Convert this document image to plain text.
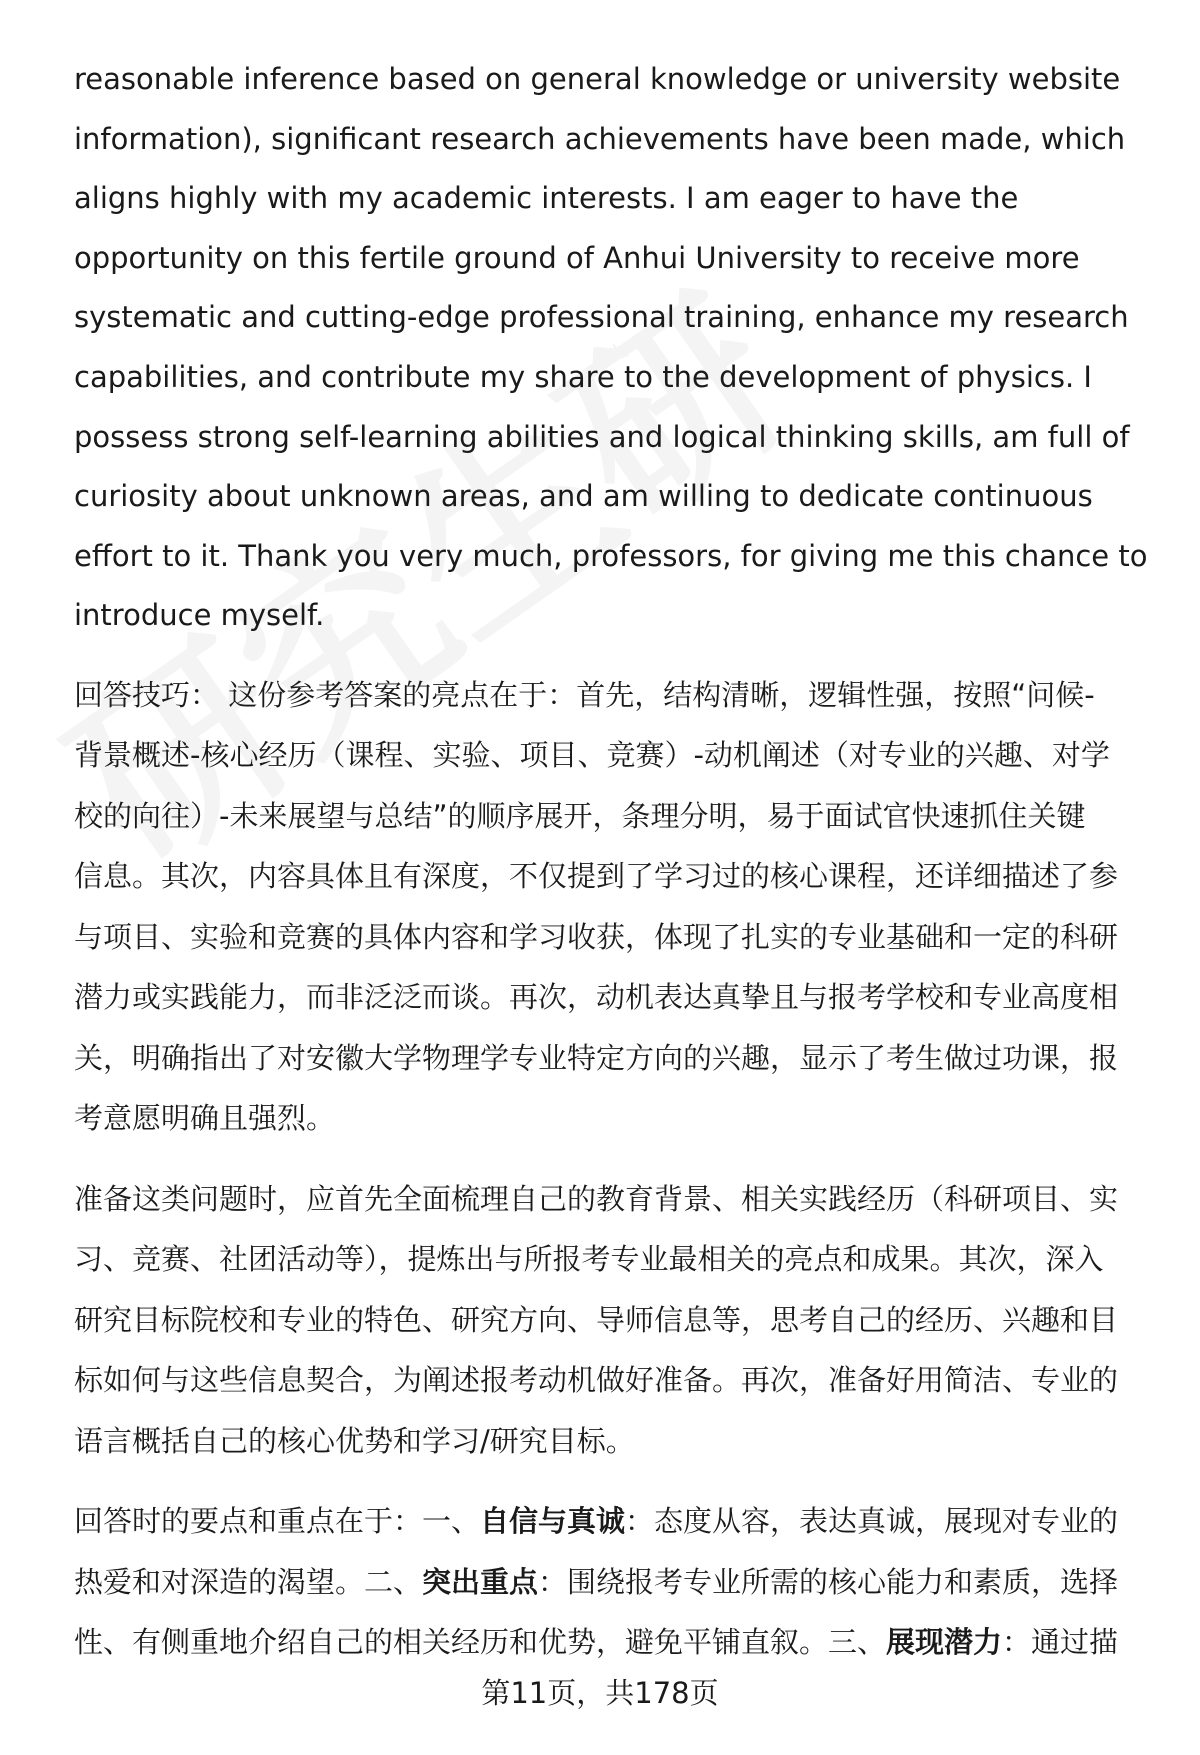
reasonable inference based on general knowledge or university website
information), significant research achievements have been made, which
aligns highly with my academic interests. I am eager to have the
opportunity on this fertile ground of Anhui University to receive more
systematic and cutting-edge professional training, enhance my research
capabilities, and contribute my share to the development of physics. I
possess strong self-learning abilities and logical thinking skills, am full of
curiosity about unknown areas, and am willing to dedicate continuous
effort to it. Thank you very much, professors, for giving me this chance to
introduce myself.

回答技巧： 这份参考答案的亮点在于：首先，结构清晰，逻辑性强，按照“问候-
背景概述-核心经历（课程、实验、项目、竞赛）-动机阐述（对专业的兴趣、对学
校的向往）-未来展望与总结”的顺序展开，条理分明，易于面试官快速抓住关键
信息。其次，内容具体且有深度，不仅提到了学习过的核心课程，还详细描述了参
与项目、实验和竞赛的具体内容和学习收获，体现了扎实的专业基础和一定的科研
潜力或实践能力，而非泛泛而谈。再次，动机表达真挚且与报考学校和专业高度相
关，明确指出了对安徽大学物理学专业特定方向的兴趣，显示了考生做过功课，报
考意愿明确且强烈。

准备这类问题时，应首先全面梳理自己的教育背景、相关实践经历（科研项目、实
习、竞赛、社团活动等），提炼出与所报考专业最相关的亮点和成果。其次，深入
研究目标院校和专业的特色、研究方向、导师信息等，思考自己的经历、兴趣和目
标如何与这些信息契合，为阐述报考动机做好准备。再次，准备好用简洁、专业的
语言概括自己的核心优势和学习/研究目标。

回答时的要点和重点在于：一、自信与真诚：态度从容，表达真诚，展现对专业的
热爱和对深造的渴望。二、突出重点：围绕报考专业所需的核心能力和素质，选择
性、有侧重地介绍自己的相关经历和优势，避免平铺直叙。三、展现潜力：通过描

第11页，共178页
